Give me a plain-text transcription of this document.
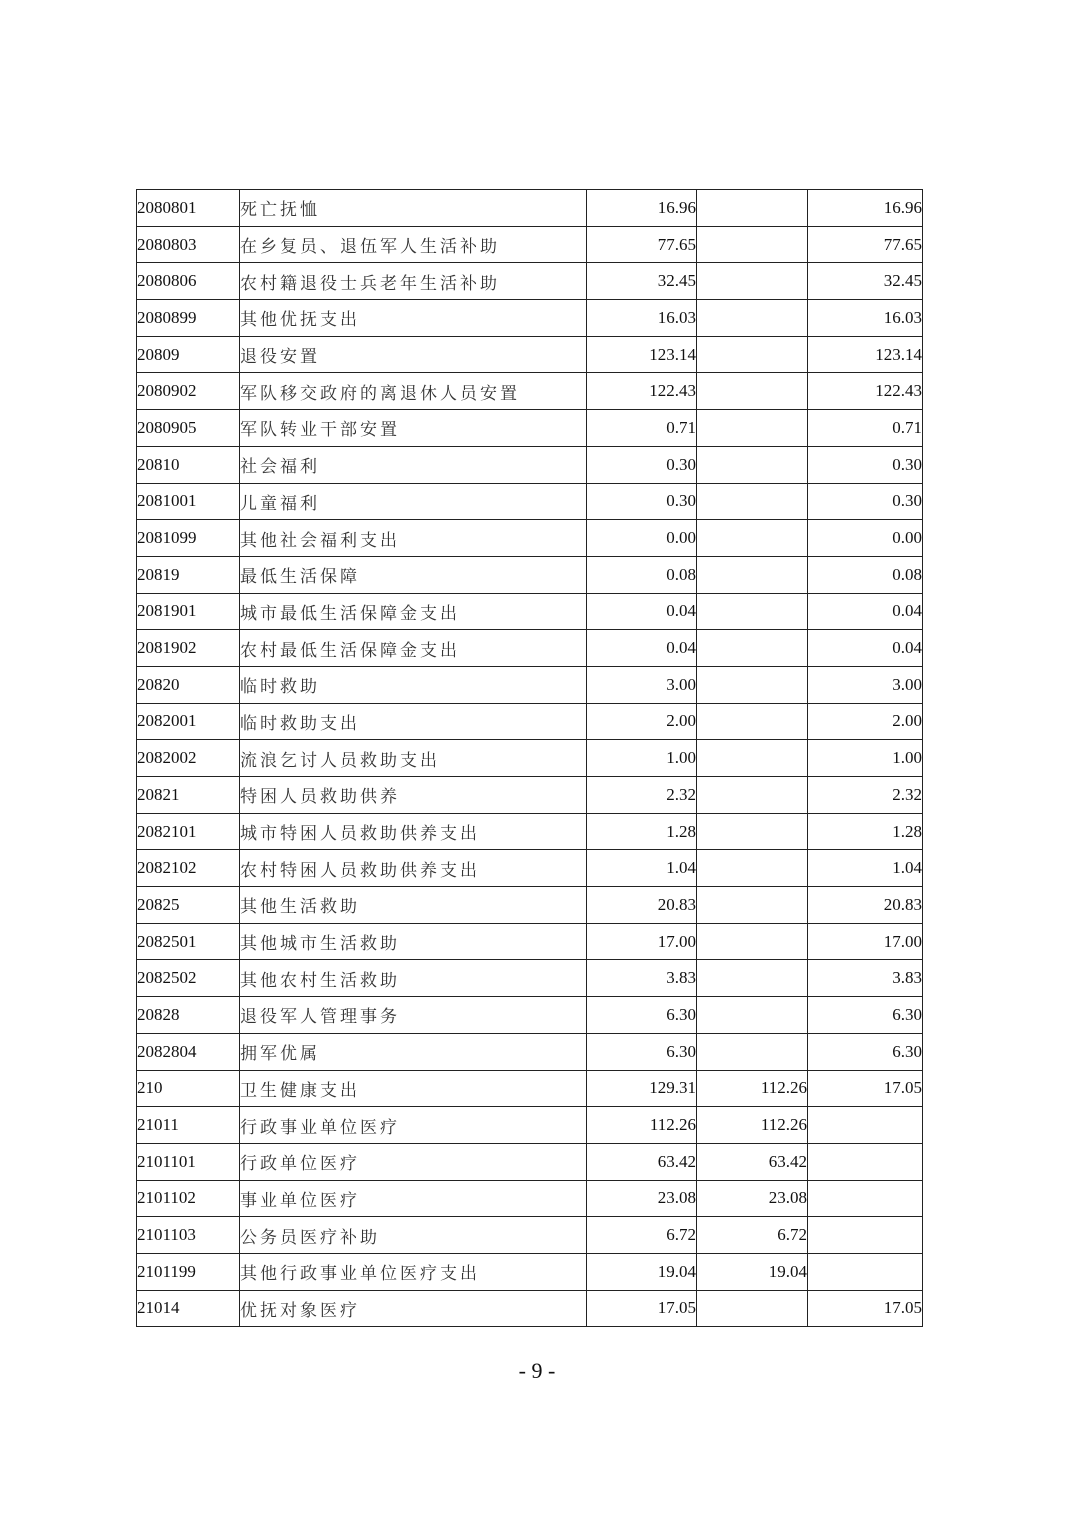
2080801	死亡抚恤	16.96		16.96
2080803	在乡复员、退伍军人生活补助	77.65		77.65
2080806	农村籍退役士兵老年生活补助	32.45		32.45
2080899	其他优抚支出	16.03		16.03
20809	退役安置	123.14		123.14
2080902	军队移交政府的离退休人员安置	122.43		122.43
2080905	军队转业干部安置	0.71		0.71
20810	社会福利	0.30		0.30
2081001	儿童福利	0.30		0.30
2081099	其他社会福利支出	0.00		0.00
20819	最低生活保障	0.08		0.08
2081901	城市最低生活保障金支出	0.04		0.04
2081902	农村最低生活保障金支出	0.04		0.04
20820	临时救助	3.00		3.00
2082001	临时救助支出	2.00		2.00
2082002	流浪乞讨人员救助支出	1.00		1.00
20821	特困人员救助供养	2.32		2.32
2082101	城市特困人员救助供养支出	1.28		1.28
2082102	农村特困人员救助供养支出	1.04		1.04
20825	其他生活救助	20.83		20.83
2082501	其他城市生活救助	17.00		17.00
2082502	其他农村生活救助	3.83		3.83
20828	退役军人管理事务	6.30		6.30
2082804	拥军优属	6.30		6.30
210	卫生健康支出	129.31	112.26	17.05
21011	行政事业单位医疗	112.26	112.26	
2101101	行政单位医疗	63.42	63.42	
2101102	事业单位医疗	23.08	23.08	
2101103	公务员医疗补助	6.72	6.72	
2101199	其他行政事业单位医疗支出	19.04	19.04	
21014	优抚对象医疗	17.05		17.05
- 9 -
